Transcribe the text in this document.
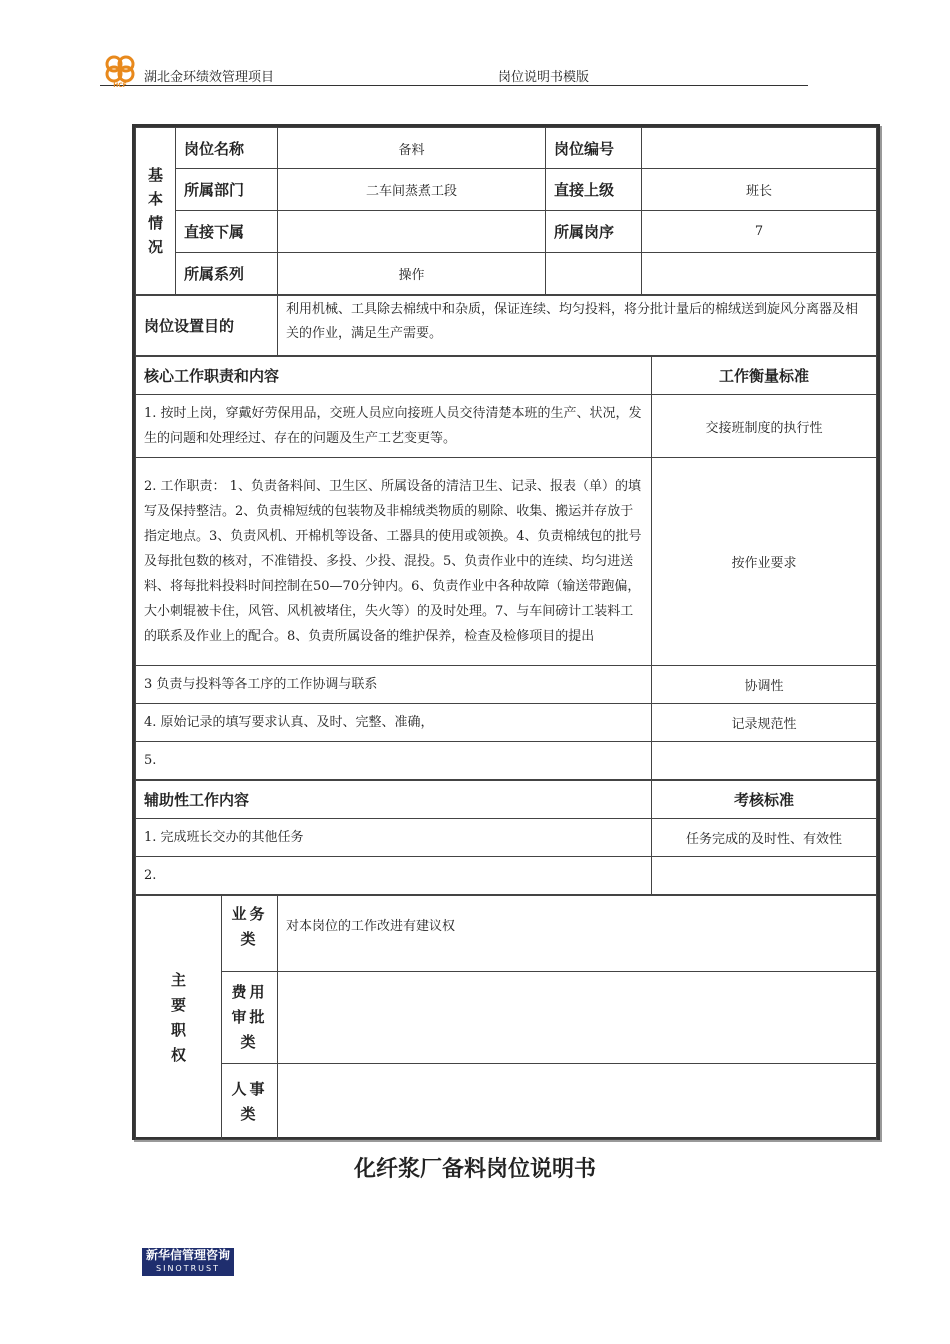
HCF
湖北金环绩效管理项目	岗位说明书模版
基本情况	岗位名称	备料	岗位编号	
	所属部门	二车间蒸煮工段	直接上级	班长
	直接下属		所属岗序	7
	所属系列	操作		
岗位设置目的	利用机械、工具除去棉绒中和杂质，保证连续、均匀投料，将分批计量后的棉绒送到旋风分离器及相关的作业，满足生产需要。
核心工作职责和内容	工作衡量标准
1. 按时上岗，穿戴好劳保用品，交班人员应向接班人员交待清楚本班的生产、状况，发生的问题和处理经过、存在的问题及生产工艺变更等。	交接班制度的执行性
2. 工作职责： 1、负责备料间、卫生区、所属设备的清洁卫生、记录、报表（单）的填写及保持整洁。2、负责棉短绒的包装物及非棉绒类物质的剔除、收集、搬运并存放于指定地点。3、负责风机、开棉机等设备、工器具的使用或领换。4、负责棉绒包的批号及每批包数的核对，不准错投、多投、少投、混投。5、负责作业中的连续、均匀进送料、将每批料投料时间控制在50—70分钟内。6、负责作业中各种故障（输送带跑偏，大小刺辊被卡住，风管、风机被堵住，失火等）的及时处理。7、与车间磅计工装料工的联系及作业上的配合。8、负责所属设备的维护保养，检查及检修项目的提出	按作业要求
3 负责与投料等各工序的工作协调与联系	协调性
4. 原始记录的填写要求认真、及时、完整、准确，	记录规范性
5.	
辅助性工作内容	考核标准
1. 完成班长交办的其他任务	任务完成的及时性、有效性
2.	
主要职权	业务类	对本岗位的工作改进有建议权
	费用审批类	
	人事类	
化纤浆厂备料岗位说明书
新华信管理咨询
SINOTRUST
